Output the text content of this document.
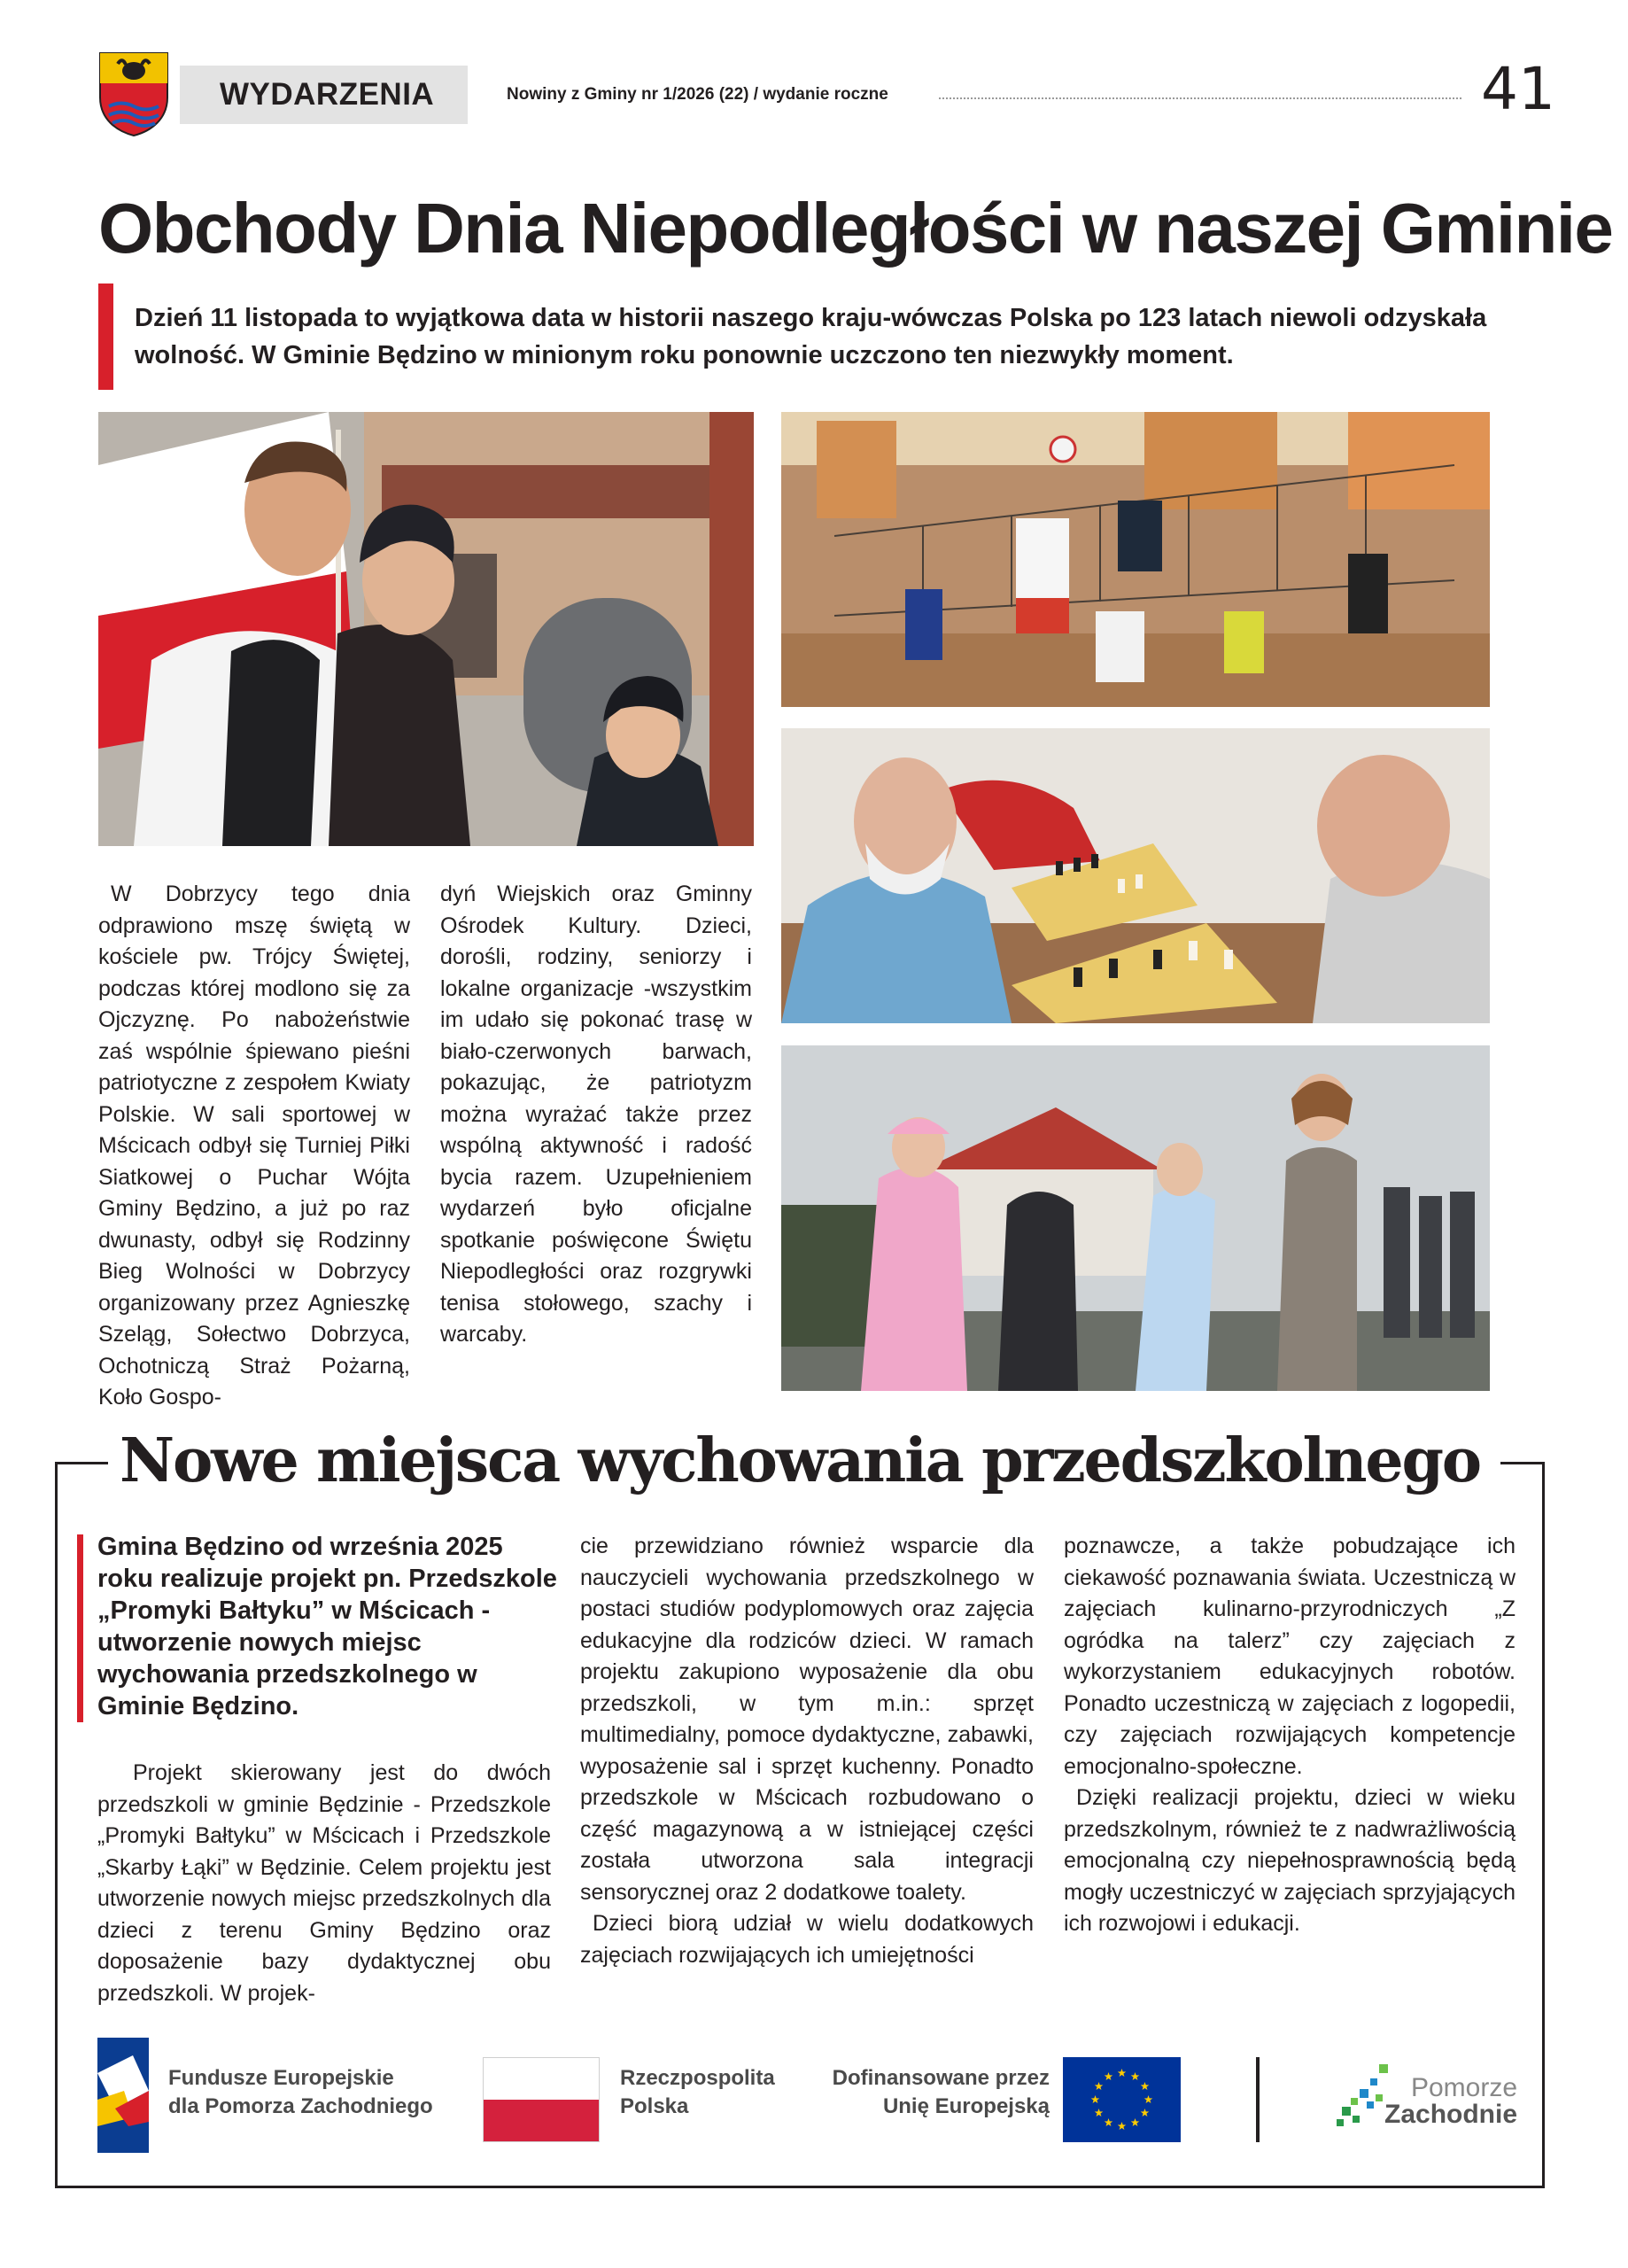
WYDARZENIA	Nowiny z Gminy nr 1/2026 (22) / wydanie roczne	41
Obchody Dnia Niepodległości w naszej Gminie
Dzień 11 listopada to wyjątkowa data w historii naszego kraju-wówczas Polska po 123 latach niewoli odzyskała wolność. W Gminie Będzino w minionym roku ponownie uczczono ten niezwykły moment.

W Dobrzycy tego dnia odprawiono mszę świętą w kościele pw. Trójcy Świętej, podczas której modlono się za Ojczyznę. Po nabożeństwie zaś wspólnie śpiewano pieśni patriotyczne z zespołem Kwiaty Polskie. W sali sportowej w Mścicach odbył się Turniej Piłki Siatkowej o Puchar Wójta Gminy Będzino, a już po raz dwunasty, odbył się Rodzinny Bieg Wolności w Dobrzycy organizowany przez Agnieszkę Szeląg, Sołectwo Dobrzyca, Ochotniczą Straż Pożarną, Koło Gospo-

dyń Wiejskich oraz Gminny Ośrodek Kultury. Dzieci, dorośli, rodziny, seniorzy i lokalne organizacje -wszystkim im udało się pokonać trasę w biało-czerwonych barwach, pokazując, że patriotyzm można wyrażać także przez wspólną aktywność i radość bycia razem. Uzupełnieniem wydarzeń było oficjalne spotkanie poświęcone Świętu Niepodległości oraz rozgrywki tenisa stołowego, szachy i warcaby.

Nowe miejsca wychowania przedszkolnego
Gmina Będzino od września 2025 roku realizuje projekt pn. Przedszkole „Promyki Bałtyku” w Mścicach - utworzenie nowych miejsc wychowania przedszkolnego w Gminie Będzino.

Projekt skierowany jest do dwóch przedszkoli w gminie Będzinie - Przedszkole „Promyki Bałtyku” w Mścicach i Przedszkole „Skarby Łąki” w Będzinie. Celem projektu jest utworzenie nowych miejsc przedszkolnych dla dzieci z terenu Gminy Będzino oraz doposażenie bazy dydaktycznej obu przedszkoli. W projek-

cie przewidziano również wsparcie dla nauczycieli wychowania przedszkolnego w postaci studiów podyplomowych oraz zajęcia edukacyjne dla rodziców dzieci. W ramach projektu zakupiono wyposażenie dla obu przedszkoli, w tym m.in.: sprzęt multimedialny, pomoce dydaktyczne, zabawki, wyposażenie sal i sprzęt kuchenny. Ponadto przedszkole w Mścicach rozbudowano o część magazynową a w istniejącej części została utworzona sala integracji sensorycznej oraz 2 dodatkowe toalety.

Dzieci biorą udział w wielu dodatkowych zajęciach rozwijających ich umiejętności

poznawcze, a także pobudzające ich ciekawość poznawania świata. Uczestniczą w zajęciach kulinarno-przyrodniczych „Z ogródka na talerz” czy zajęciach z wykorzystaniem edukacyjnych robotów. Ponadto uczestniczą w zajęciach z logopedii, czy zajęciach rozwijających kompetencje emocjonalno-społeczne.

Dzięki realizacji projektu, dzieci w wieku przedszkolnym, również te z nadwrażliwością emocjonalną czy niepełnosprawnością będą mogły uczestniczyć w zajęciach sprzyjających ich rozwojowi i edukacji.

Fundusze Europejskie
dla Pomorza Zachodniego
Rzeczpospolita
Polska
Dofinansowane przez
Unię Europejską
Pomorze
Zachodnie
